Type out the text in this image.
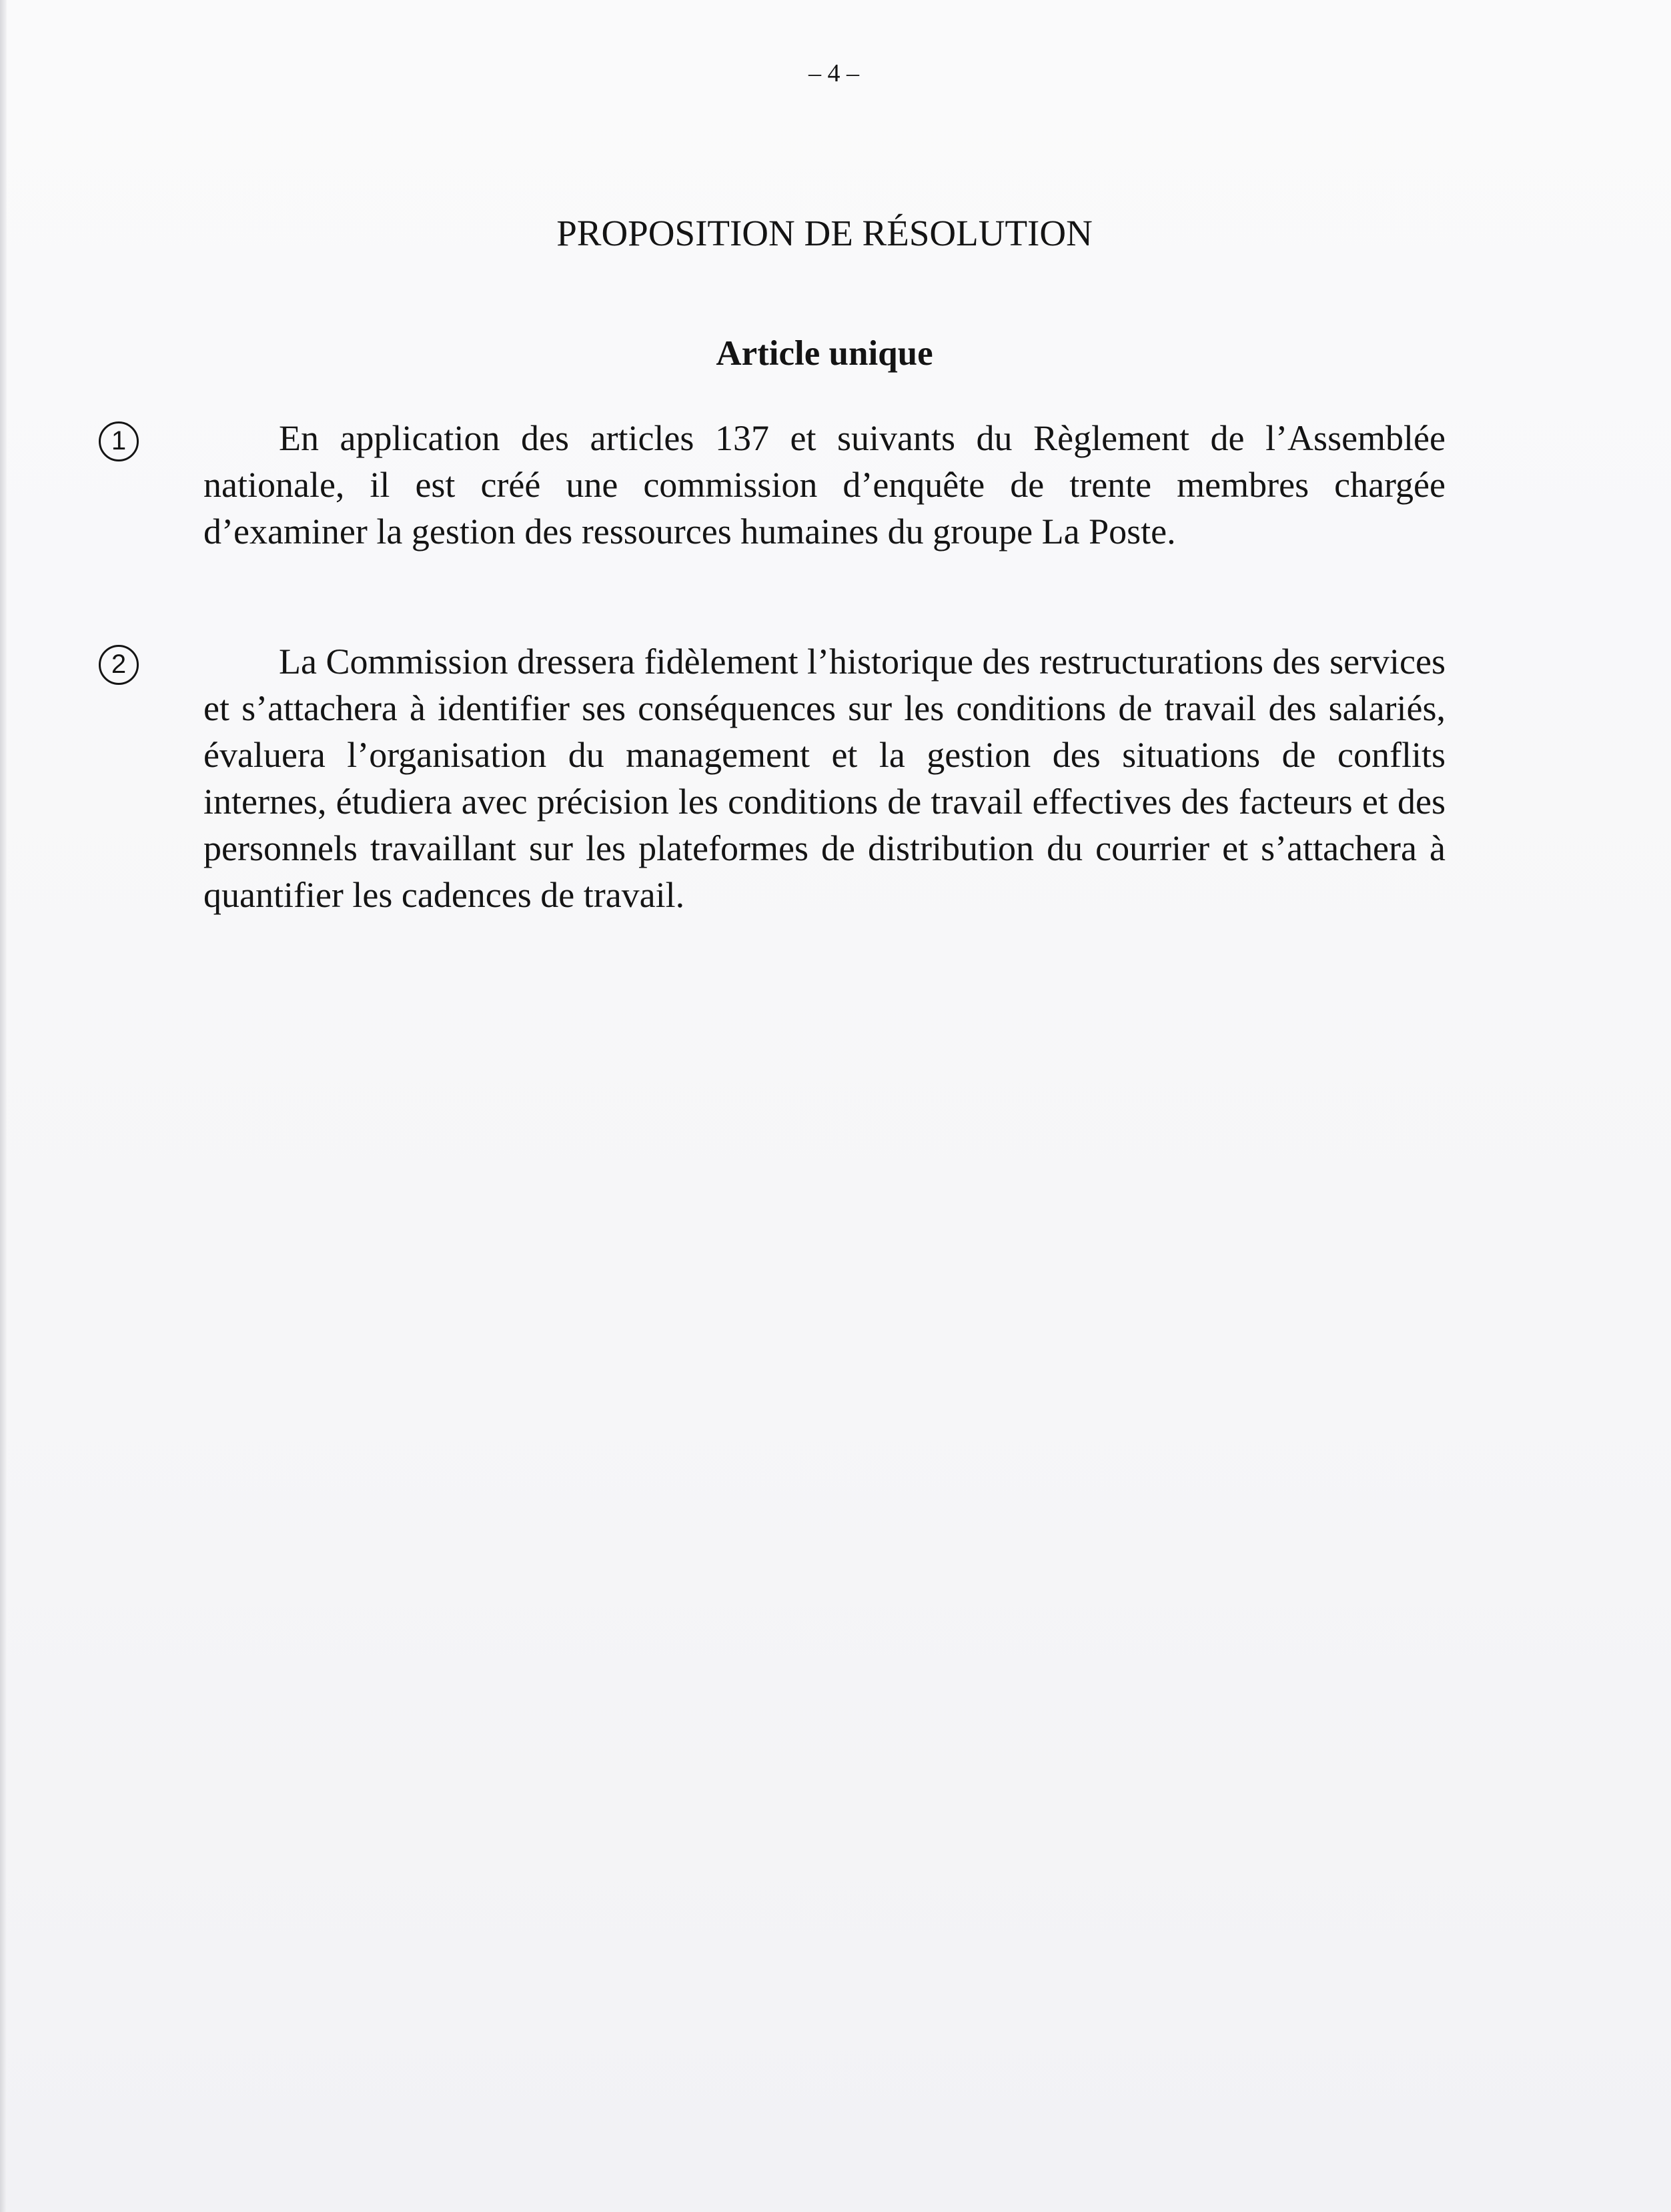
– 4 –
PROPOSITION DE RÉSOLUTION
Article unique
1	En application des articles 137 et suivants du Règlement de l’Assemblée nationale, il est créé une commission d’enquête de trente membres chargée d’examiner la gestion des ressources humaines du groupe La Poste.

2	La Commission dressera fidèlement l’historique des restructurations des services et s’attachera à identifier ses conséquences sur les conditions de travail des salariés, évaluera l’organisation du management et la gestion des situations de conflits internes, étudiera avec précision les conditions de travail effectives des facteurs et des personnels travaillant sur les plateformes de distribution du courrier et s’attachera à quantifier les cadences de travail.
